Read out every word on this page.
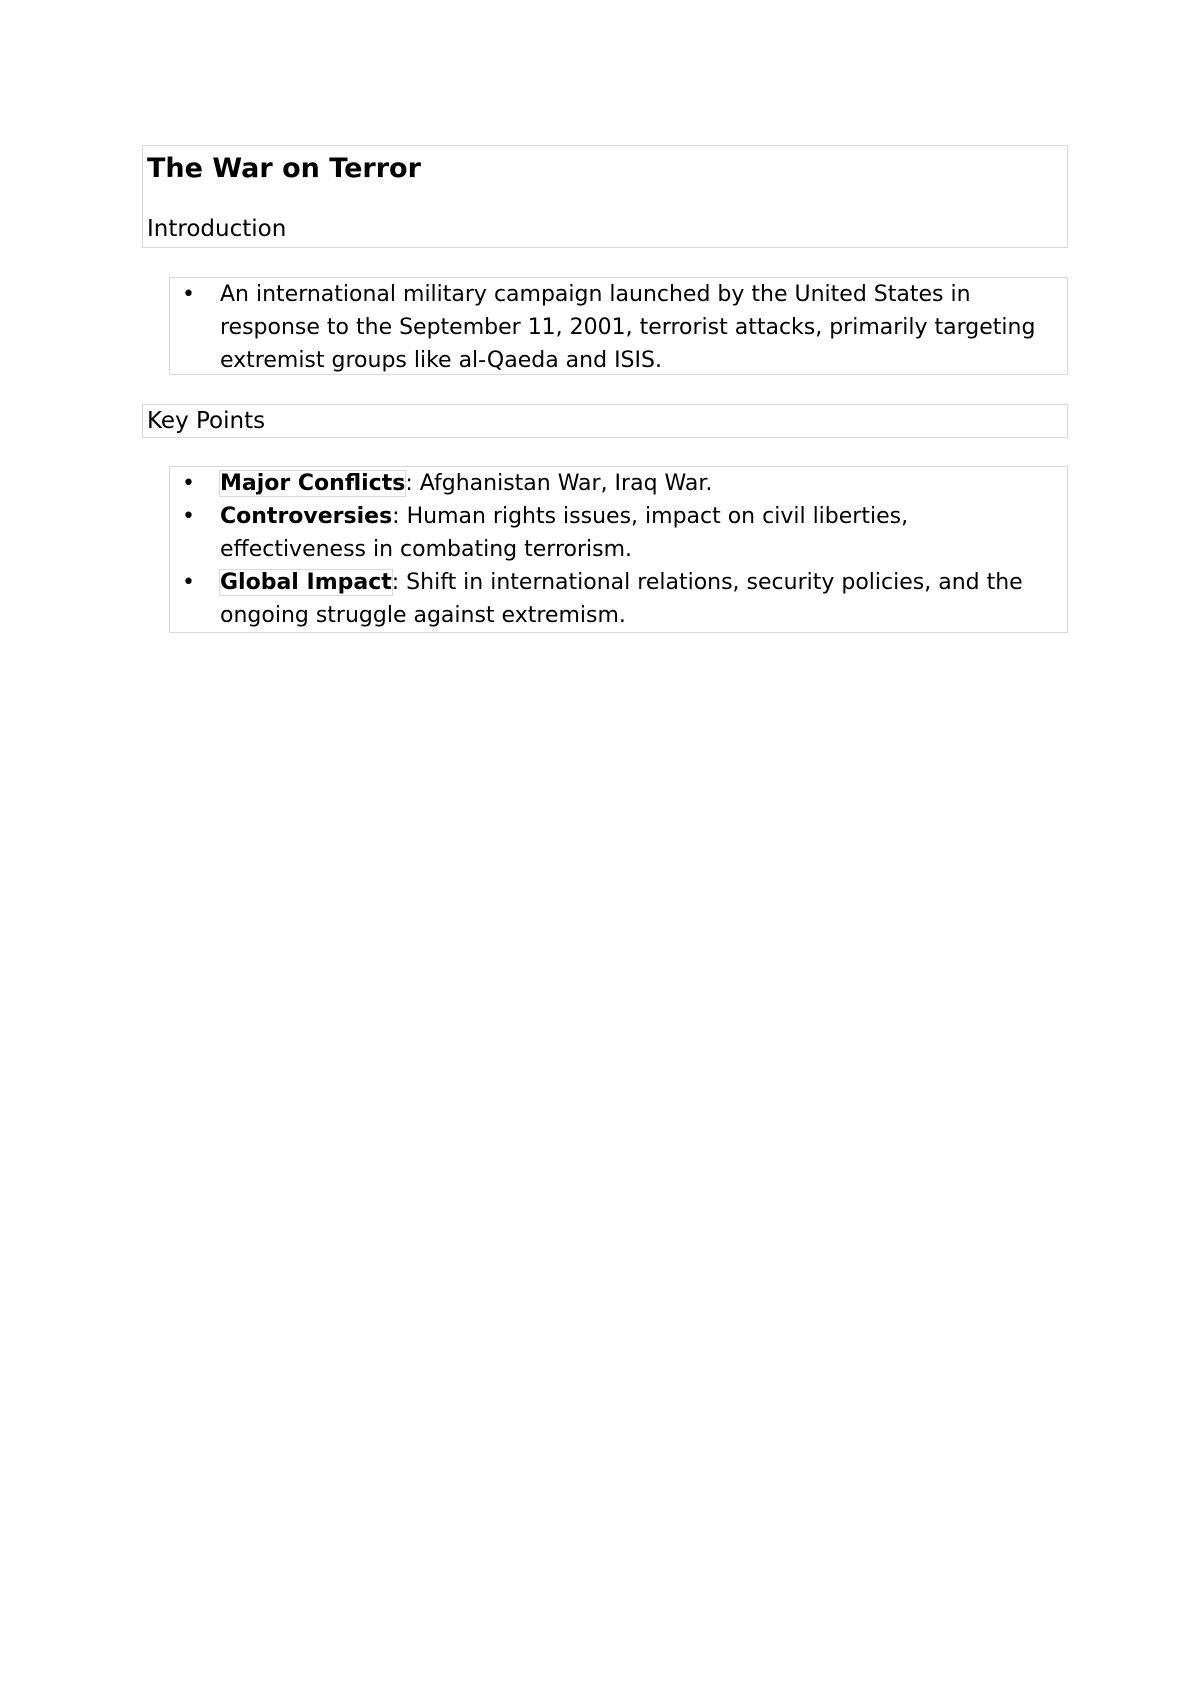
The War on Terror
Introduction
• An international military campaign launched by the United States in response to the September 11, 2001, terrorist attacks, primarily targeting extremist groups like al-Qaeda and ISIS.
Key Points
• Major Conflicts: Afghanistan War, Iraq War.
• Controversies: Human rights issues, impact on civil liberties, effectiveness in combating terrorism.
• Global Impact: Shift in international relations, security policies, and the ongoing struggle against extremism.
